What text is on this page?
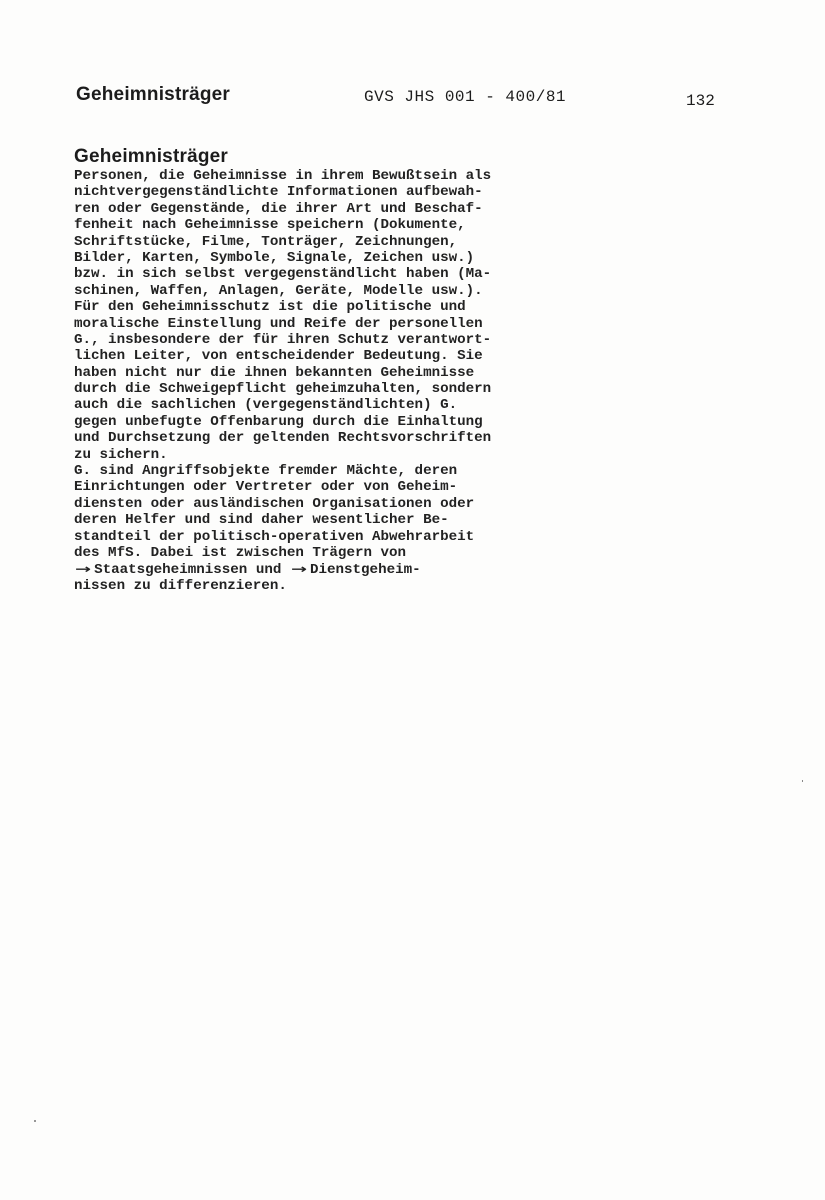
Geheimnisträger	GVS JHS 001 - 400/81	132
Geheimnisträger
Personen, die Geheimnisse in ihrem Bewußtsein als
nichtvergegenständlichte Informationen aufbewah-
ren oder Gegenstände, die ihrer Art und Beschaf-
fenheit nach Geheimnisse speichern (Dokumente,
Schriftstücke, Filme, Tonträger, Zeichnungen,
Bilder, Karten, Symbole, Signale, Zeichen usw.)
bzw. in sich selbst vergegenständlicht haben (Ma-
schinen, Waffen, Anlagen, Geräte, Modelle usw.).
Für den Geheimnisschutz ist die politische und
moralische Einstellung und Reife der personellen
G., insbesondere der für ihren Schutz verantwort-
lichen Leiter, von entscheidender Bedeutung. Sie
haben nicht nur die ihnen bekannten Geheimnisse
durch die Schweigepflicht geheimzuhalten, sondern
auch die sachlichen (vergegenständlichten) G.
gegen unbefugte Offenbarung durch die Einhaltung
und Durchsetzung der geltenden Rechtsvorschriften
zu sichern.
G. sind Angriffsobjekte fremder Mächte, deren
Einrichtungen oder Vertreter oder von Geheim-
diensten oder ausländischen Organisationen oder
deren Helfer und sind daher wesentlicher Be-
standteil der politisch-operativen Abwehrarbeit
des MfS. Dabei ist zwischen Trägern von
→ Staatsgeheimnissen und → Dienstgeheim-
nissen zu differenzieren.
